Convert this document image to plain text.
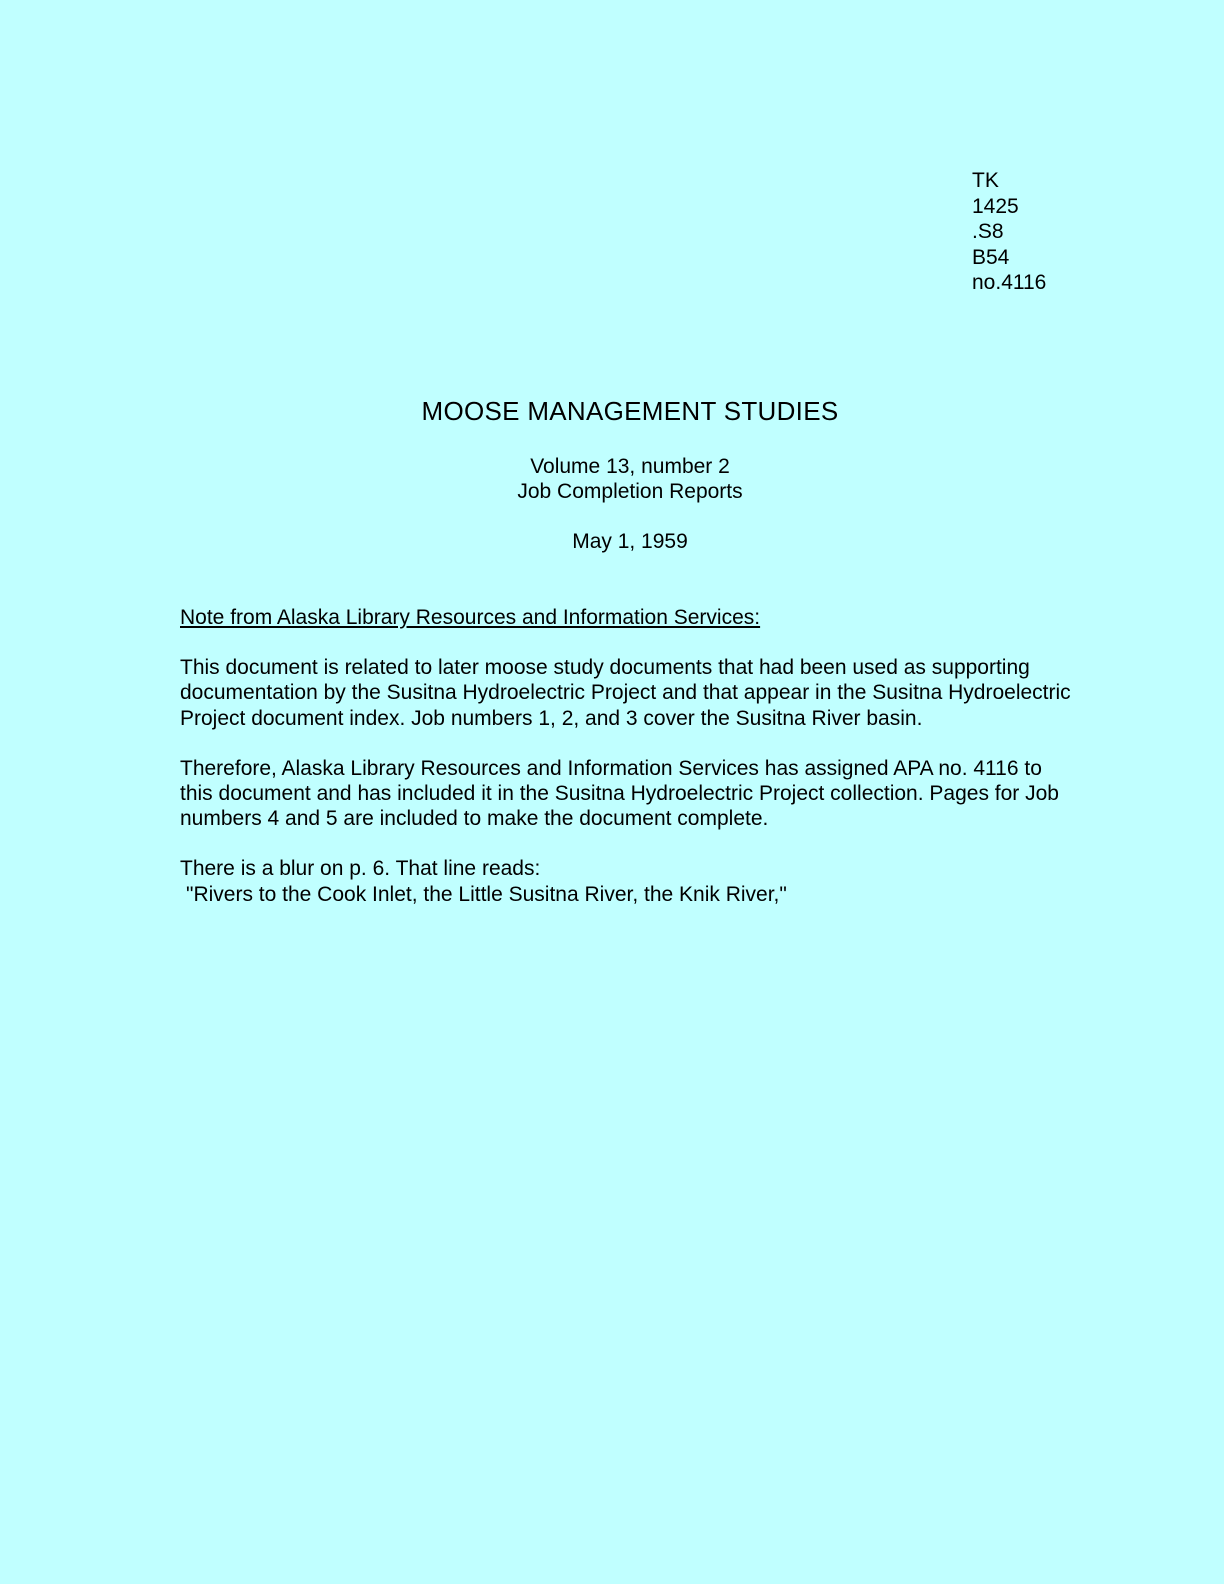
TK
1425
.S8
B54
no.4116
MOOSE MANAGEMENT STUDIES
Volume 13, number 2
Job Completion Reports
May 1, 1959
Note from Alaska Library Resources and Information Services:

This document is related to later moose study documents that had been used as supporting documentation by the Susitna Hydroelectric Project and that appear in the Susitna Hydroelectric Project document index. Job numbers 1, 2, and 3 cover the Susitna River basin.

Therefore, Alaska Library Resources and Information Services has assigned APA no. 4116 to this document and has included it in the Susitna Hydroelectric Project collection. Pages for Job numbers 4 and 5 are included to make the document complete.

There is a blur on p. 6. That line reads:
"Rivers to the Cook Inlet, the Little Susitna River, the Knik River,"
